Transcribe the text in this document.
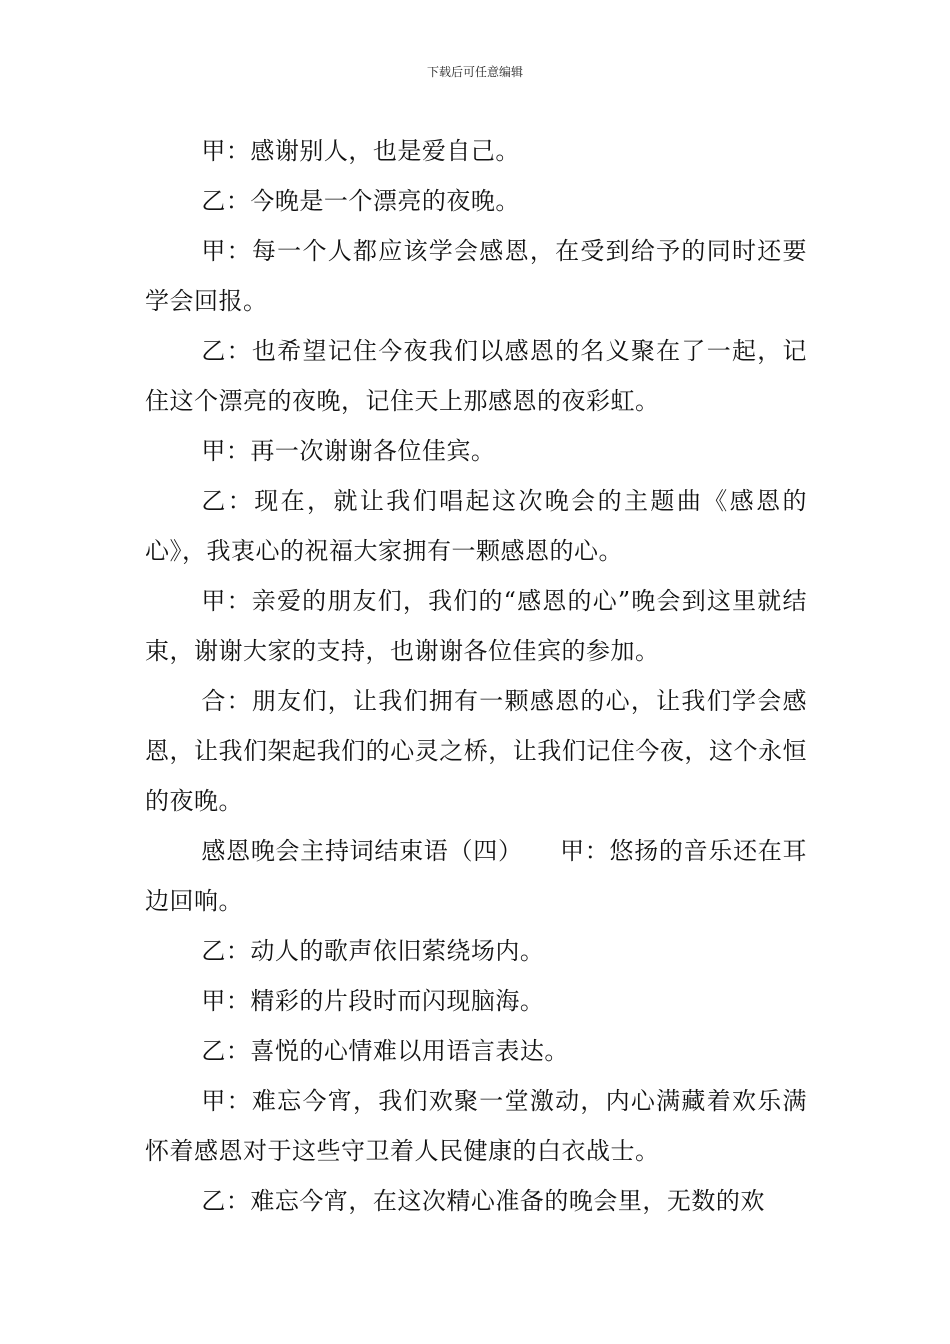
下载后可任意编辑

甲：感谢别人，也是爱自己。

乙：今晚是一个漂亮的夜晚。

甲：每一个人都应该学会感恩，在受到给予的同时还要学会回报。

乙：也希望记住今夜我们以感恩的名义聚在了一起，记住这个漂亮的夜晚，记住天上那感恩的夜彩虹。

甲：再一次谢谢各位佳宾。

乙：现在，就让我们唱起这次晚会的主题曲《感恩的心》，我衷心的祝福大家拥有一颗感恩的心。

甲：亲爱的朋友们，我们的“感恩的心”晚会到这里就结束，谢谢大家的支持，也谢谢各位佳宾的参加。

合：朋友们，让我们拥有一颗感恩的心，让我们学会感恩，让我们架起我们的心灵之桥，让我们记住今夜，这个永恒的夜晚。

感恩晚会主持词结束语（四）　　甲：悠扬的音乐还在耳边回响。

乙：动人的歌声依旧萦绕场内。

甲：精彩的片段时而闪现脑海。

乙：喜悦的心情难以用语言表达。

甲：难忘今宵，我们欢聚一堂激动，内心满藏着欢乐满怀着感恩对于这些守卫着人民健康的白衣战士。

乙：难忘今宵，在这次精心准备的晚会里，无数的欢
